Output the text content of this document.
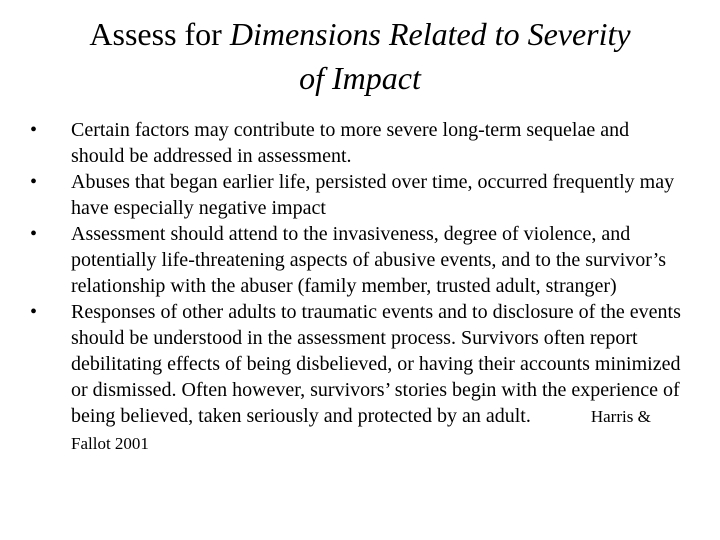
Assess for Dimensions Related to Severity
of Impact
• Certain factors may contribute to more severe long-term sequelae and should be addressed in assessment.
• Abuses that began earlier life, persisted over time, occurred frequently may have especially negative impact
• Assessment should attend to the invasiveness, degree of violence, and potentially life-threatening aspects of abusive events, and to the survivor’s relationship with the abuser (family member, trusted adult, stranger)
• Responses of other adults to traumatic events and to disclosure of the events should be understood in the assessment process. Survivors often report debilitating effects of being disbelieved, or having their accounts minimized or dismissed. Often however, survivors’ stories begin with the experience of being believed, taken seriously and protected by an adult.	Harris & Fallot 2001
